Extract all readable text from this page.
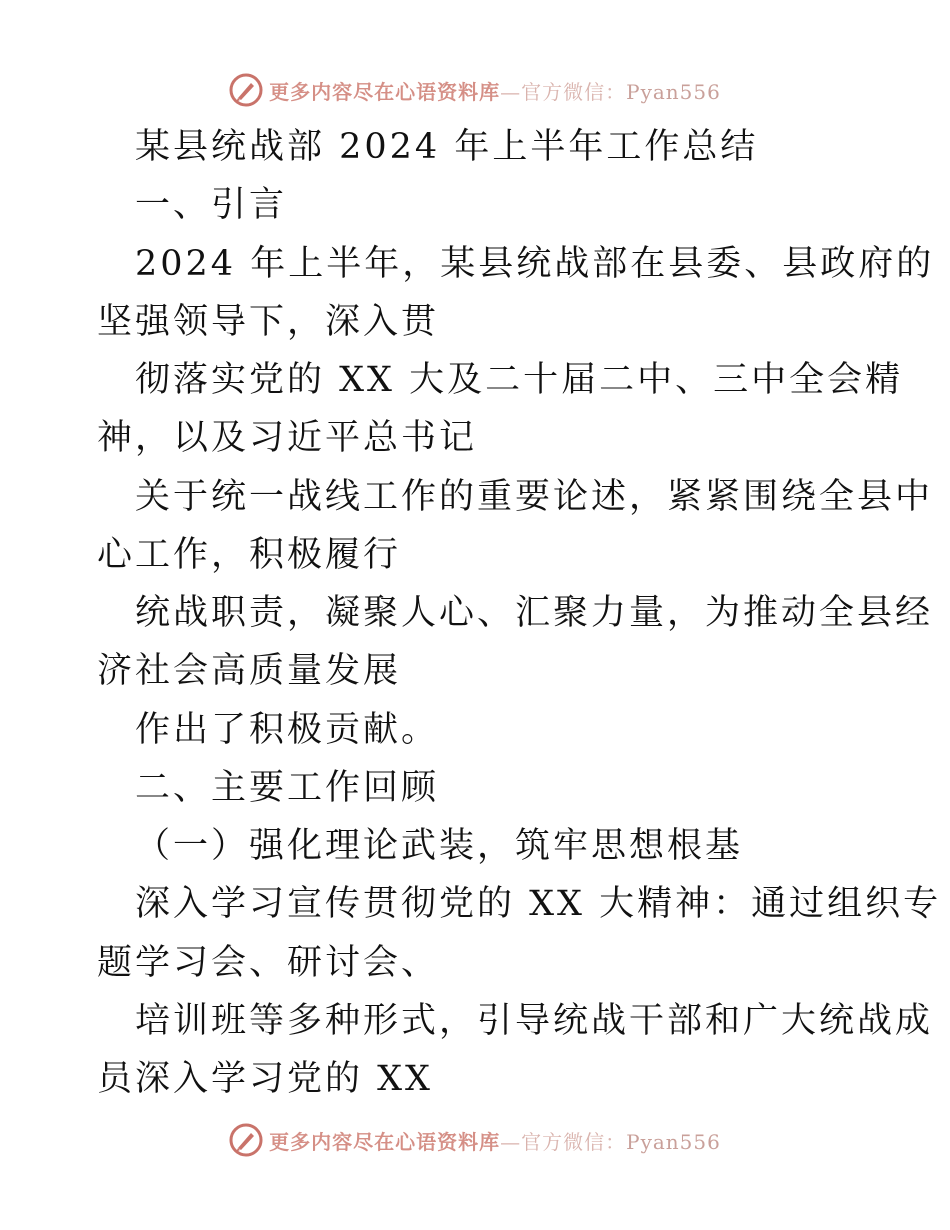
更多内容尽在心语资料库—官方微信：Pyan556
某县统战部 2024 年上半年工作总结
一、引言
2024 年上半年，某县统战部在县委、县政府的
坚强领导下，深入贯
彻落实党的 XX 大及二十届二中、三中全会精
神，以及习近平总书记
关于统一战线工作的重要论述，紧紧围绕全县中
心工作，积极履行
统战职责，凝聚人心、汇聚力量，为推动全县经
济社会高质量发展
作出了积极贡献。
二、主要工作回顾
（一）强化理论武装，筑牢思想根基
深入学习宣传贯彻党的 XX 大精神：通过组织专
题学习会、研讨会、
培训班等多种形式，引导统战干部和广大统战成
员深入学习党的 XX
更多内容尽在心语资料库—官方微信：Pyan556
